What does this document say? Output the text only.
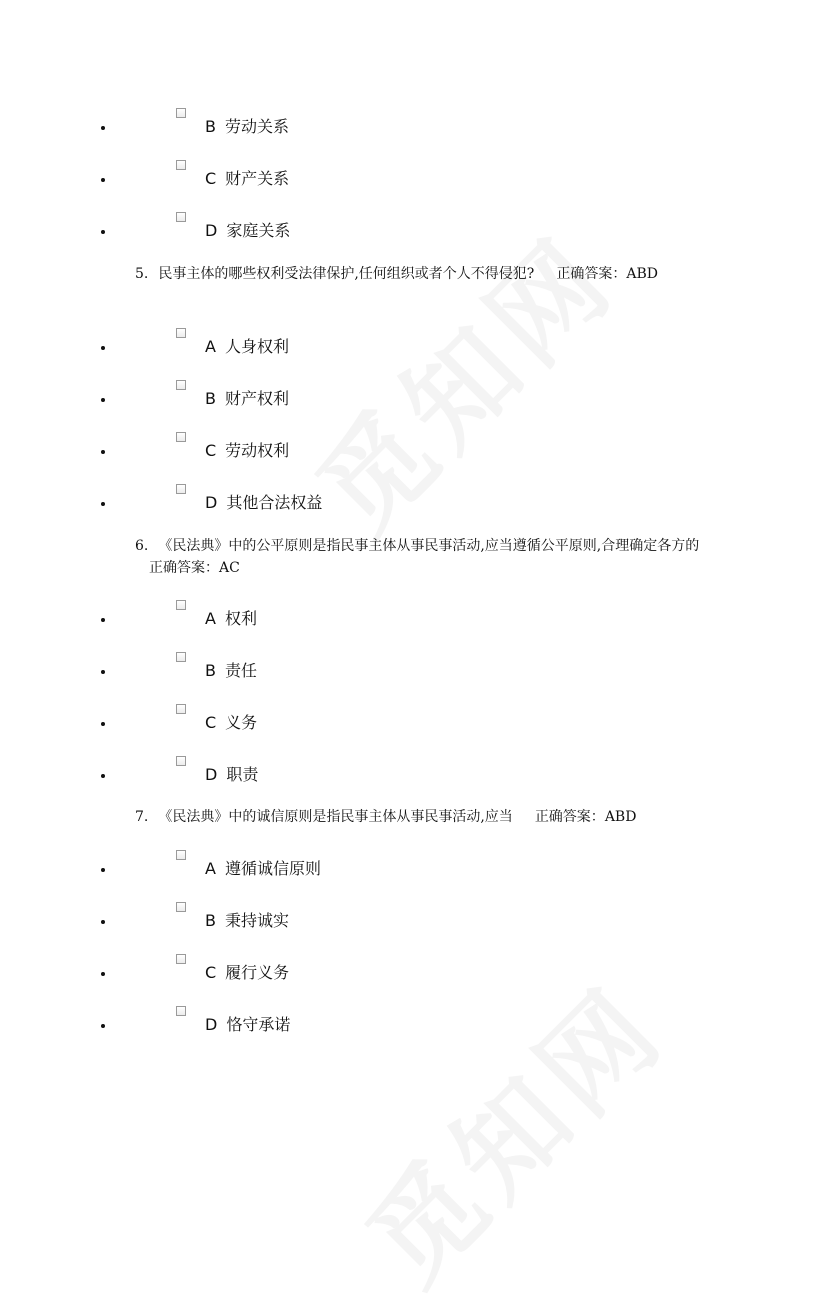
B 劳动关系
C 财产关系
D 家庭关系
5. 民事主体的哪些权利受法律保护,任何组织或者个人不得侵犯? 正确答案：ABD
A 人身权利
B 财产权利
C 劳动权利
D 其他合法权益
6. 《民法典》中的公平原则是指民事主体从事民事活动,应当遵循公平原则,合理确定各方的正确答案：AC
A 权利
B 责任
C 义务
D 职责
7. 《民法典》中的诚信原则是指民事主体从事民事活动,应当 正确答案：ABD
A 遵循诚信原则
B 秉持诚实
C 履行义务
D 恪守承诺
